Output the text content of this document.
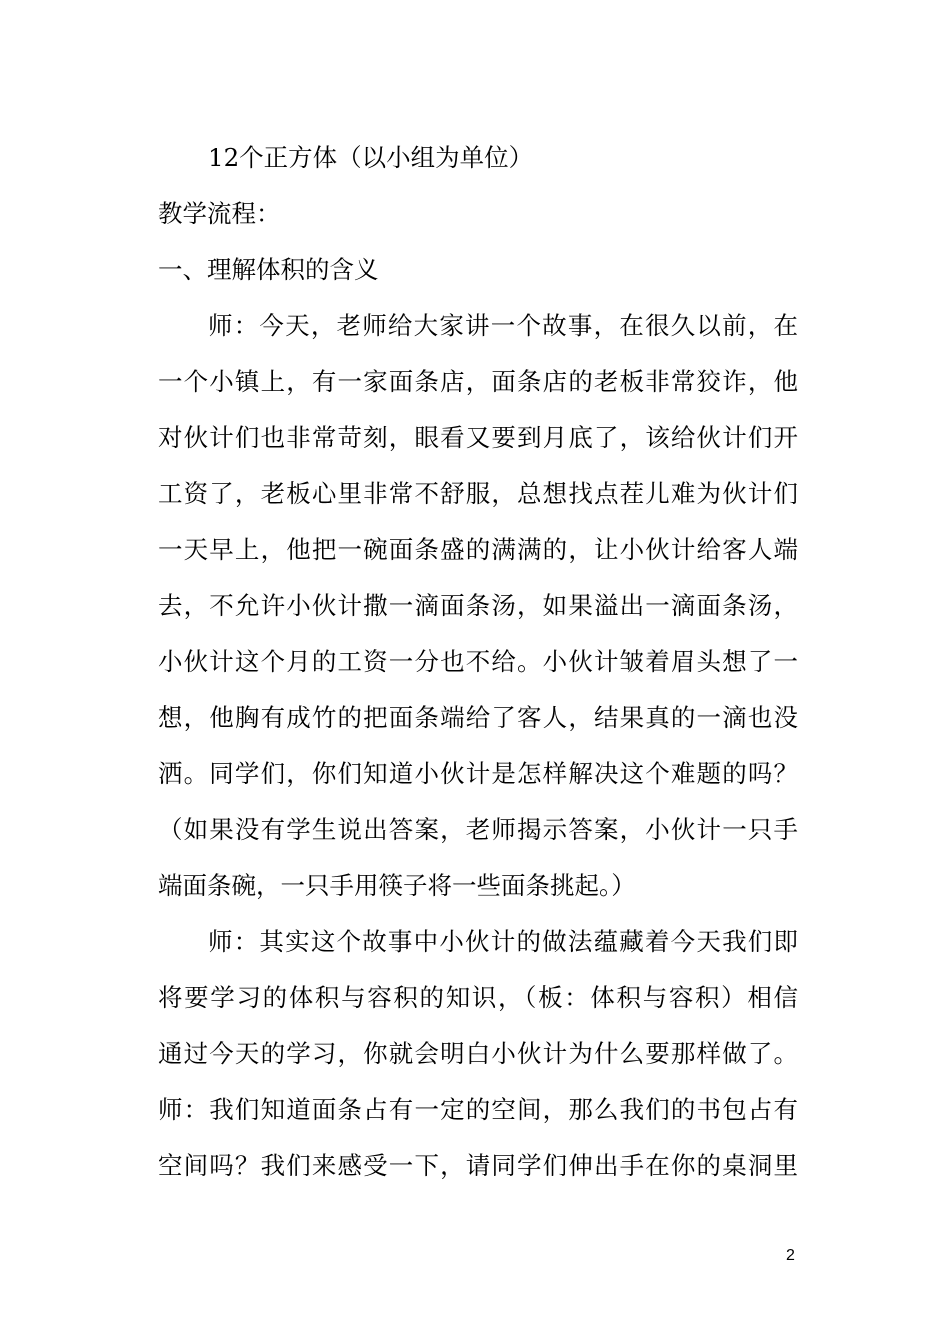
12个正方体（以小组为单位）
教学流程：
一、理解体积的含义
师：今天，老师给大家讲一个故事，在很久以前，在
一个小镇上，有一家面条店，面条店的老板非常狡诈，他
对伙计们也非常苛刻，眼看又要到月底了，该给伙计们开
工资了，老板心里非常不舒服，总想找点茬儿难为伙计们
一天早上，他把一碗面条盛的满满的，让小伙计给客人端
去，不允许小伙计撒一滴面条汤，如果溢出一滴面条汤，
小伙计这个月的工资一分也不给。小伙计皱着眉头想了一
想，他胸有成竹的把面条端给了客人，结果真的一滴也没
洒。同学们，你们知道小伙计是怎样解决这个难题的吗？
（如果没有学生说出答案，老师揭示答案，小伙计一只手
端面条碗，一只手用筷子将一些面条挑起。）
师：其实这个故事中小伙计的做法蕴藏着今天我们即
将要学习的体积与容积的知识，（板：体积与容积）相信
通过今天的学习，你就会明白小伙计为什么要那样做了。
师：我们知道面条占有一定的空间，那么我们的书包占有
空间吗？我们来感受一下，请同学们伸出手在你的桌洞里
2
